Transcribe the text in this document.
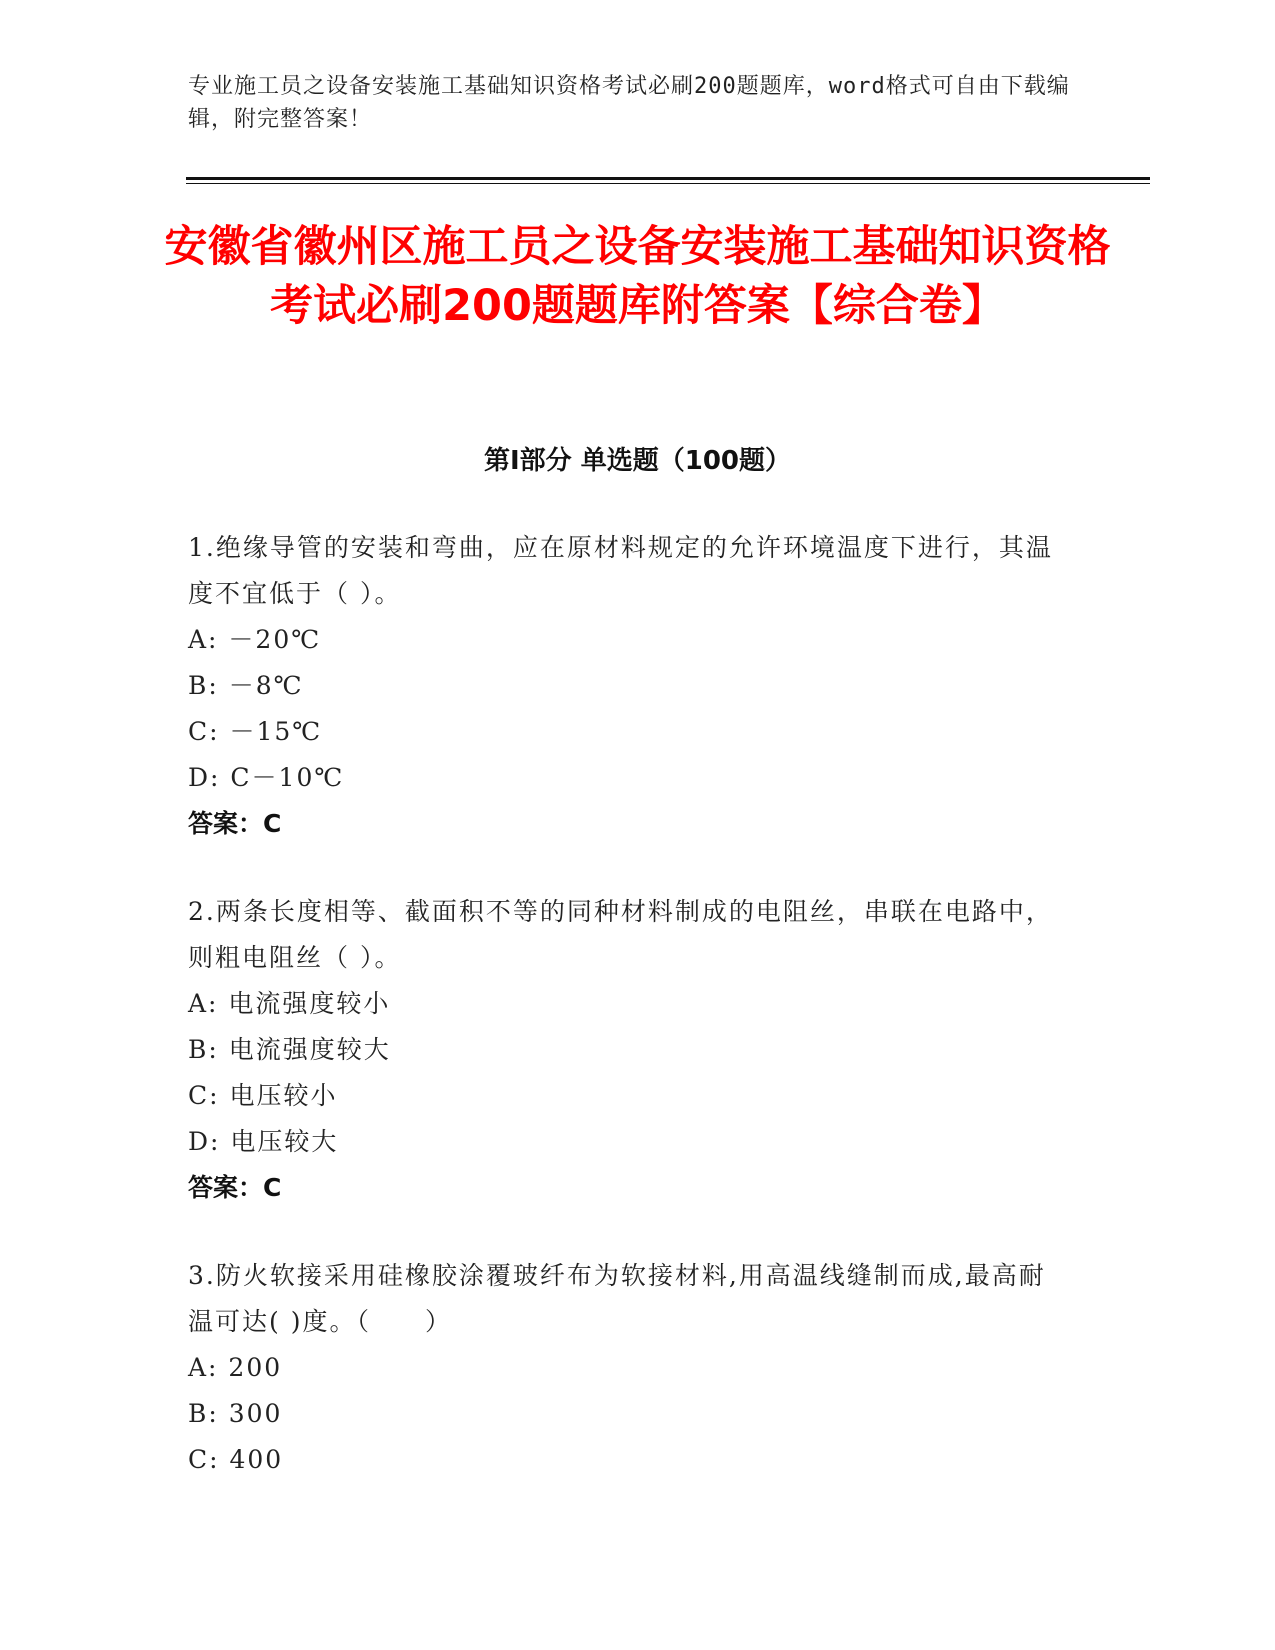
专业施工员之设备安装施工基础知识资格考试必刷200题题库，word格式可自由下载编辑，附完整答案！
安徽省徽州区施工员之设备安装施工基础知识资格考试必刷200题题库附答案【综合卷】
第Ⅰ部分 单选题（100题）
1.绝缘导管的安装和弯曲，应在原材料规定的允许环境温度下进行，其温度不宜低于（ ）。
A: －20℃
B: －8℃
C: －15℃
D: C－10℃
答案：C
2.两条长度相等、截面积不等的同种材料制成的电阻丝，串联在电路中，则粗电阻丝（ ）。
A: 电流强度较小
B: 电流强度较大
C: 电压较小
D: 电压较大
答案：C
3.防火软接采用硅橡胶涂覆玻纤布为软接材料,用高温线缝制而成,最高耐温可达( )度。（　　）
A: 200
B: 300
C: 400
